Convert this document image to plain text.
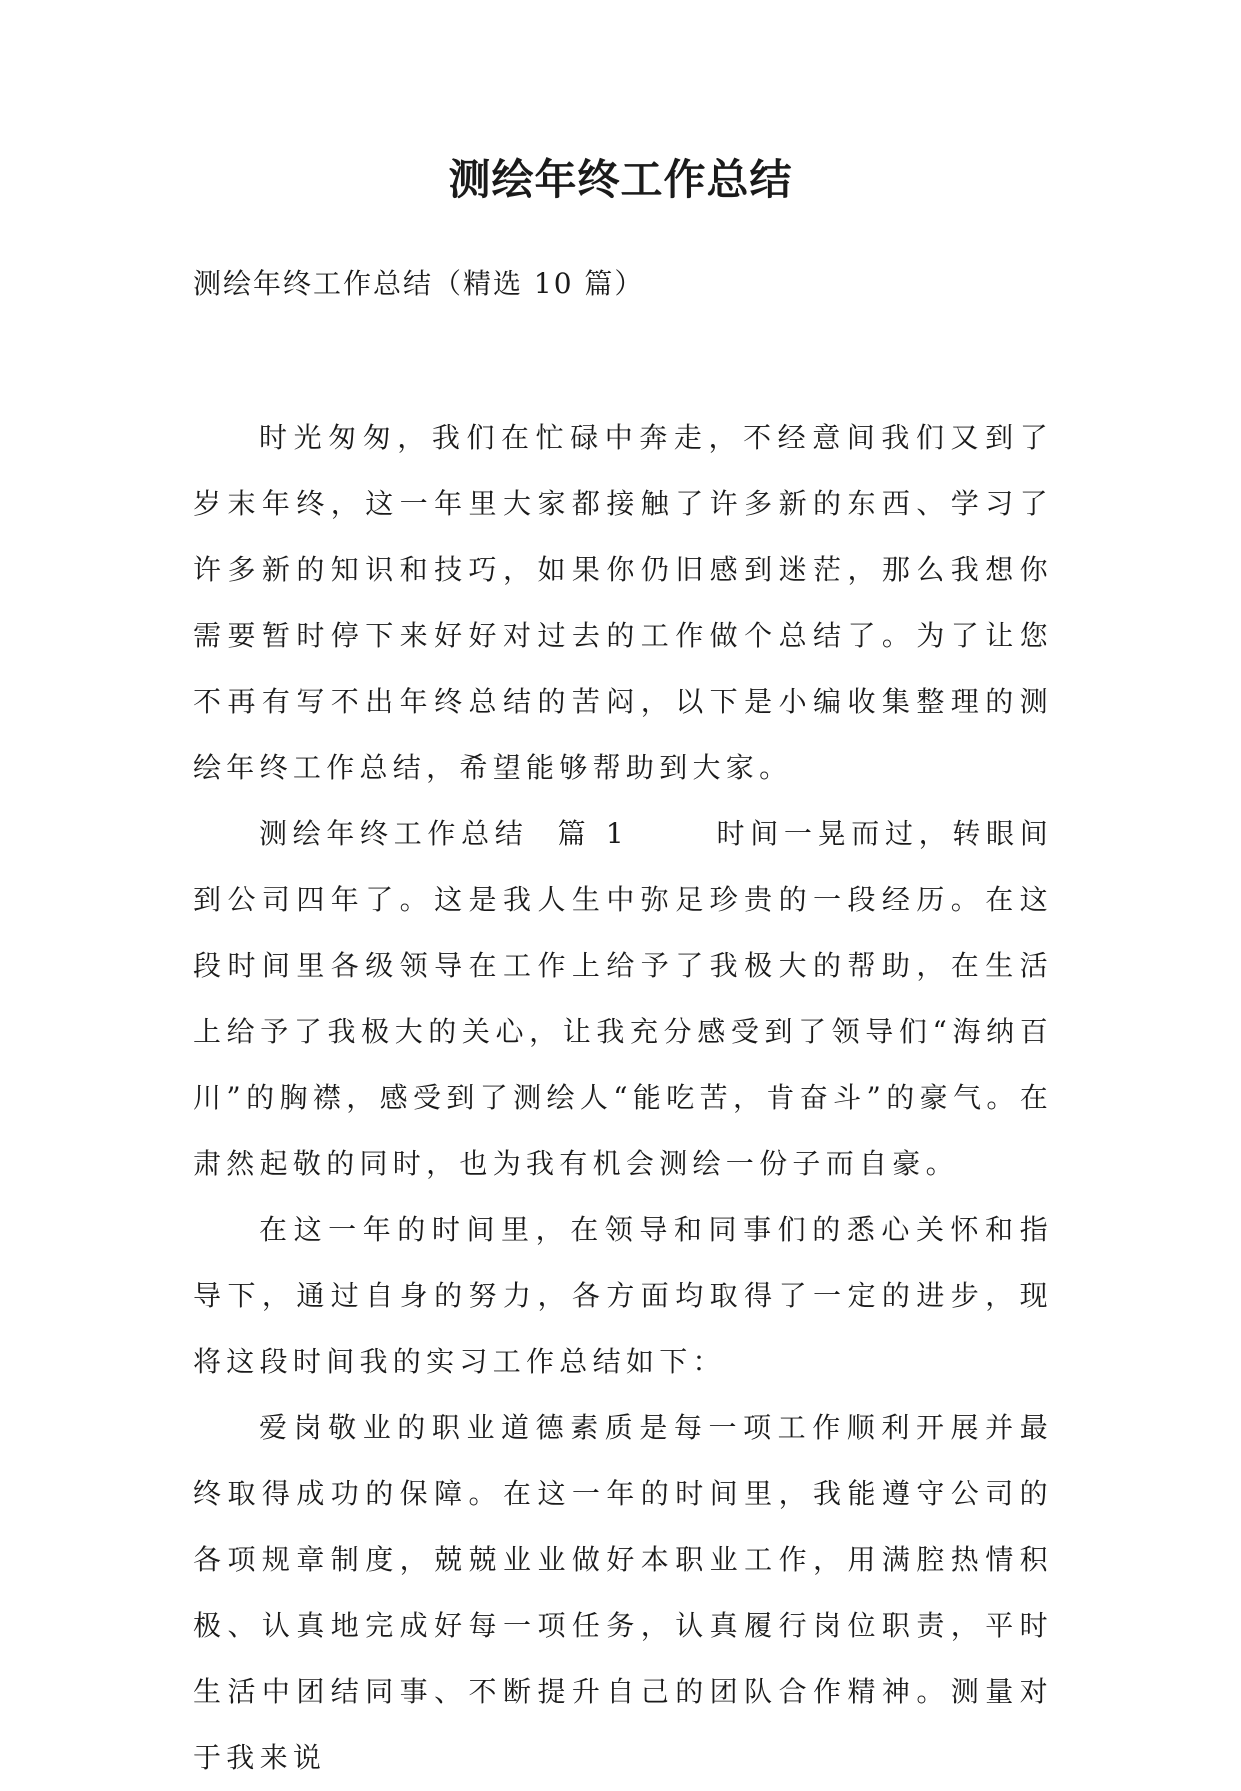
测绘年终工作总结
测绘年终工作总结（精选 10 篇）

时光匆匆，我们在忙碌中奔走，不经意间我们又到了岁末年终，这一年里大家都接触了许多新的东西、学习了许多新的知识和技巧，如果你仍旧感到迷茫，那么我想你需要暂时停下来好好对过去的工作做个总结了。为了让您不再有写不出年终总结的苦闷，以下是小编收集整理的测绘年终工作总结，希望能够帮助到大家。

测绘年终工作总结  篇 1      时间一晃而过，转眼间到公司四年了。这是我人生中弥足珍贵的一段经历。在这段时间里各级领导在工作上给予了我极大的帮助，在生活上给予了我极大的关心，让我充分感受到了领导们“海纳百川”的胸襟，感受到了测绘人“能吃苦，肯奋斗”的豪气。在肃然起敬的同时，也为我有机会测绘一份子而自豪。

在这一年的时间里，在领导和同事们的悉心关怀和指导下，通过自身的努力，各方面均取得了一定的进步，现将这段时间我的实习工作总结如下：

爱岗敬业的职业道德素质是每一项工作顺利开展并最终取得成功的保障。在这一年的时间里，我能遵守公司的各项规章制度，兢兢业业做好本职业工作，用满腔热情积极、认真地完成好每一项任务，认真履行岗位职责，平时生活中团结同事、不断提升自己的团队合作精神。测量对于我来说
